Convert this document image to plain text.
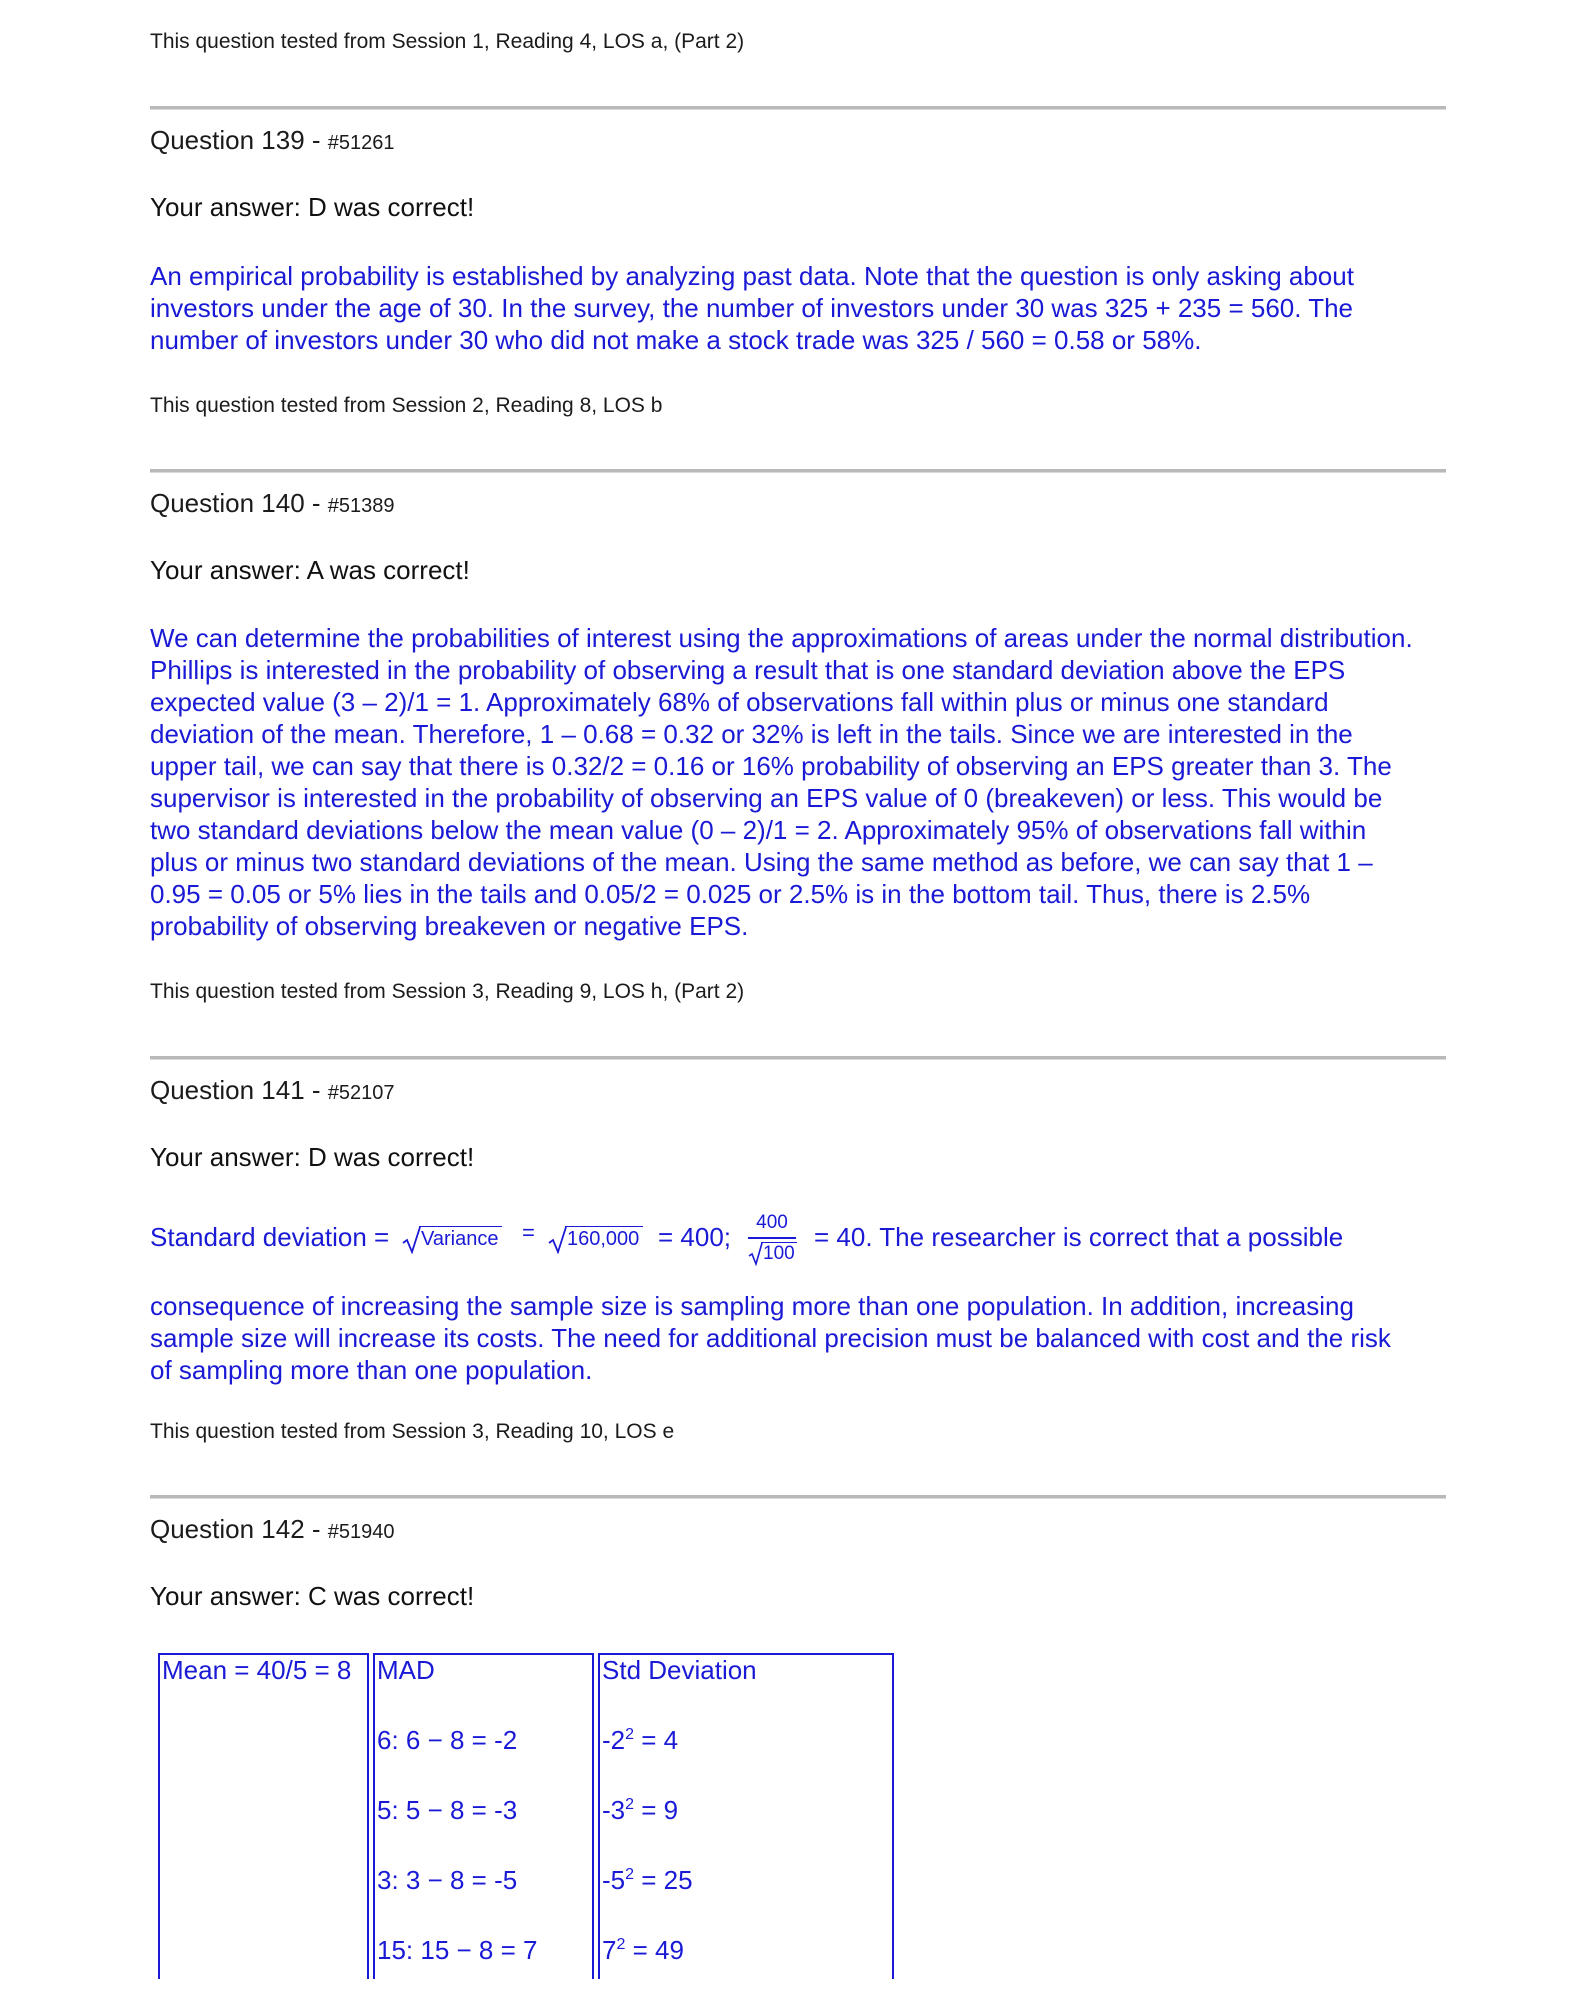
This question tested from Session 1, Reading 4, LOS a, (Part 2)
Question 139 - #51261
Your answer: D was correct!
An empirical probability is established by analyzing past data. Note that the question is only asking about
investors under the age of 30. In the survey, the number of investors under 30 was 325 + 235 = 560. The
number of investors under 30 who did not make a stock trade was 325 / 560 = 0.58 or 58%.
This question tested from Session 2, Reading 8, LOS b
Question 140 - #51389
Your answer: A was correct!
We can determine the probabilities of interest using the approximations of areas under the normal distribution.
Phillips is interested in the probability of observing a result that is one standard deviation above the EPS
expected value (3 – 2)/1 = 1. Approximately 68% of observations fall within plus or minus one standard
deviation of the mean. Therefore, 1 – 0.68 = 0.32 or 32% is left in the tails. Since we are interested in the
upper tail, we can say that there is 0.32/2 = 0.16 or 16% probability of observing an EPS greater than 3. The
supervisor is interested in the probability of observing an EPS value of 0 (breakeven) or less. This would be
two standard deviations below the mean value (0 – 2)/1 = 2. Approximately 95% of observations fall within
plus or minus two standard deviations of the mean. Using the same method as before, we can say that 1 –
0.95 = 0.05 or 5% lies in the tails and 0.05/2 = 0.025 or 2.5% is in the bottom tail. Thus, there is 2.5%
probability of observing breakeven or negative EPS.
This question tested from Session 3, Reading 9, LOS h, (Part 2)
Question 141 - #52107
Your answer: D was correct!
Standard deviation = Variance = 160,000 = 400;	400
100
= 40. The researcher is correct that a possible
consequence of increasing the sample size is sampling more than one population. In addition, increasing
sample size will increase its costs. The need for additional precision must be balanced with cost and the risk
of sampling more than one population.
This question tested from Session 3, Reading 10, LOS e
Question 142 - #51940
Your answer: C was correct!
Mean = 40/5 = 8	MAD	Std Deviation
	6: 6 − 8 = -2	$-2^2 = 4$
	5: 5 − 8 = -3	$-3^2 = 9$
	3: 3 − 8 = -5	$-5^2 = 25$
	15: 15 − 8 = 7	$7^2 = 49$
